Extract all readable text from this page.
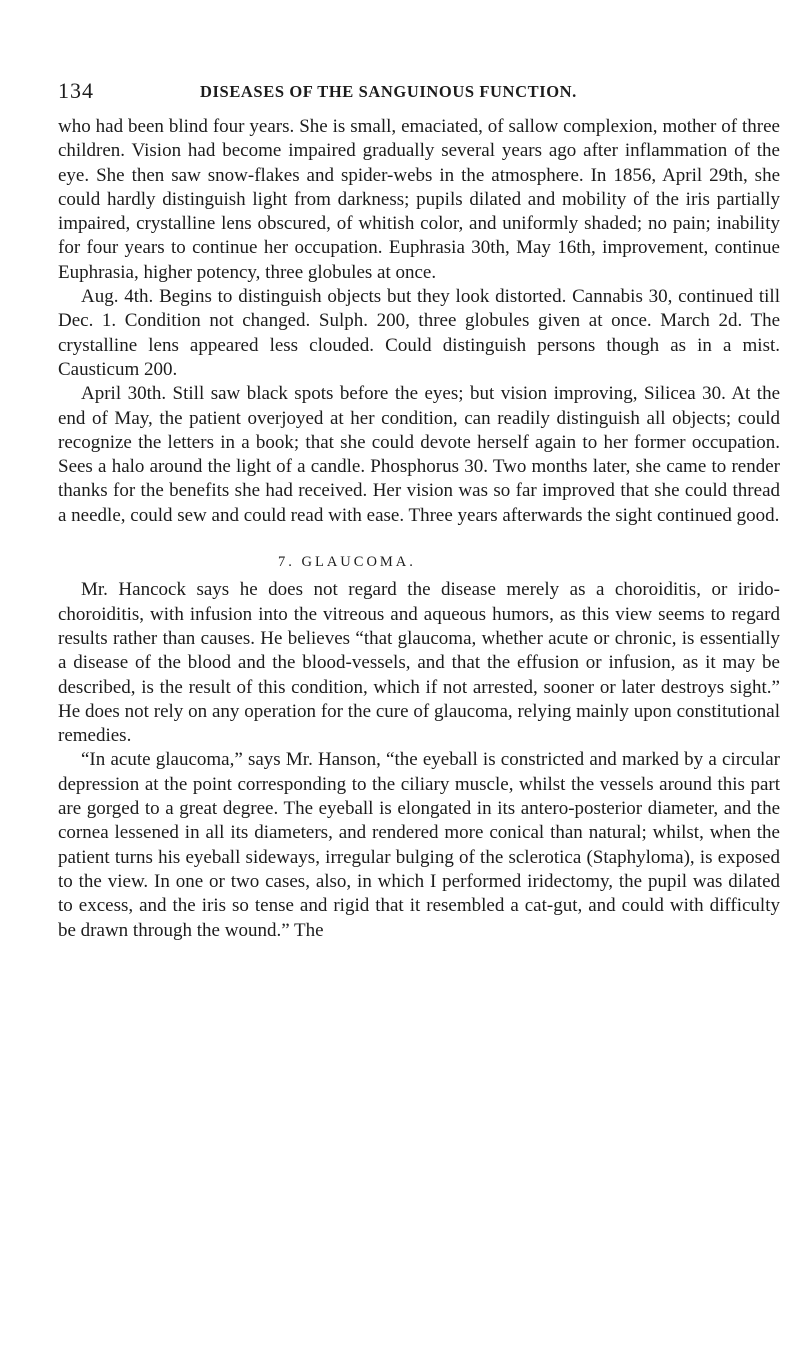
134	DISEASES OF THE SANGUINOUS FUNCTION.

who had been blind four years. She is small, emaciated, of sallow complexion, mother of three children. Vision had become impaired gradually several years ago after inflammation of the eye. She then saw snow-flakes and spider-webs in the atmosphere. In 1856, April 29th, she could hardly distinguish light from darkness; pupils dilated and mobility of the iris partially impaired, crystalline lens obscured, of whitish color, and uniformly shaded; no pain; inability for four years to continue her occupation. Euphrasia 30th, May 16th, improvement, continue Euphrasia, higher potency, three globules at once.

Aug. 4th. Begins to distinguish objects but they look distorted. Cannabis 30, continued till Dec. 1. Condition not changed. Sulph. 200, three globules given at once. March 2d. The crystalline lens appeared less clouded. Could distinguish persons though as in a mist. Causticum 200.

April 30th. Still saw black spots before the eyes; but vision improving, Silicea 30. At the end of May, the patient overjoyed at her condition, can readily distinguish all objects; could recognize the letters in a book; that she could devote herself again to her former occupation. Sees a halo around the light of a candle. Phosphorus 30. Two months later, she came to render thanks for the benefits she had received. Her vision was so far improved that she could thread a needle, could sew and could read with ease. Three years afterwards the sight continued good.

7. GLAUCOMA.

Mr. Hancock says he does not regard the disease merely as a choroiditis, or irido-choroiditis, with infusion into the vitreous and aqueous humors, as this view seems to regard results rather than causes. He believes “that glaucoma, whether acute or chronic, is essentially a disease of the blood and the blood-vessels, and that the effusion or infusion, as it may be described, is the result of this condition, which if not arrested, sooner or later destroys sight.” He does not rely on any operation for the cure of glaucoma, relying mainly upon constitutional remedies.

“In acute glaucoma,” says Mr. Hanson, “the eyeball is constricted and marked by a circular depression at the point corresponding to the ciliary muscle, whilst the vessels around this part are gorged to a great degree. The eyeball is elongated in its antero-posterior diameter, and the cornea lessened in all its diameters, and rendered more conical than natural; whilst, when the patient turns his eyeball sideways, irregular bulging of the sclerotica (Staphyloma), is exposed to the view. In one or two cases, also, in which I performed iridectomy, the pupil was dilated to excess, and the iris so tense and rigid that it resembled a cat-gut, and could with difficulty be drawn through the wound.” The
